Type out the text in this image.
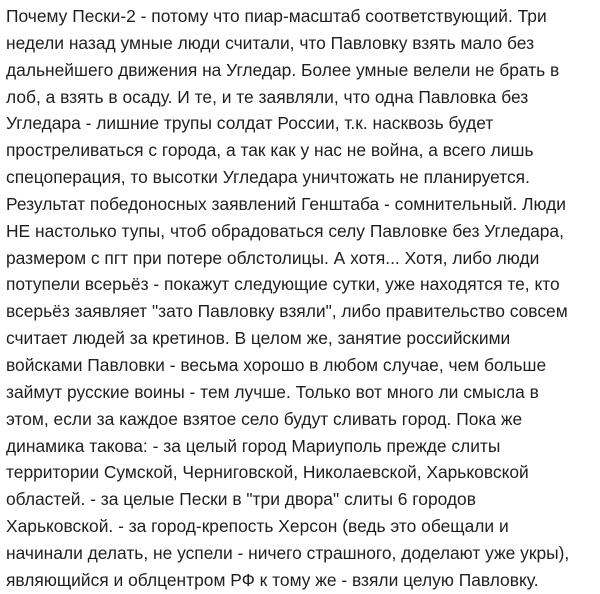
Почему Пески-2 - потому что пиар-масштаб соответствующий. Три
недели назад умные люди считали, что Павловку взять мало без
дальнейшего движения на Угледар. Более умные велели не брать в
лоб, а взять в осаду. И те, и те заявляли, что одна Павловка без
Угледара - лишние трупы солдат России, т.к. насквозь будет
простреливаться с города, а так как у нас не война, а всего лишь
спецоперация, то высотки Угледара уничтожать не планируется.
Результат победоносных заявлений Генштаба - сомнительный. Люди
НЕ настолько тупы, чтоб обрадоваться селу Павловке без Угледара,
размером с пгт при потере облстолицы. А хотя... Хотя, либо люди
потупели всерьёз - покажут следующие сутки, уже находятся те, кто
всерьёз заявляет "зато Павловку взяли", либо правительство совсем
считает людей за кретинов. В целом же, занятие российскими
войсками Павловки - весьма хорошо в любом случае, чем больше
займут русские воины - тем лучше. Только вот много ли смысла в
этом, если за каждое взятое село будут сливать город. Пока же
динамика такова: - за целый город Мариуполь прежде слиты
территории Сумской, Черниговской, Николаевской, Харьковской
областей. - за целые Пески в "три двора" слиты 6 городов
Харьковской. - за город-крепость Херсон (ведь это обещали и
начинали делать, не успели - ничего страшного, доделают уже укры),
являющийся и облцентром РФ к тому же - взяли целую Павловку.
